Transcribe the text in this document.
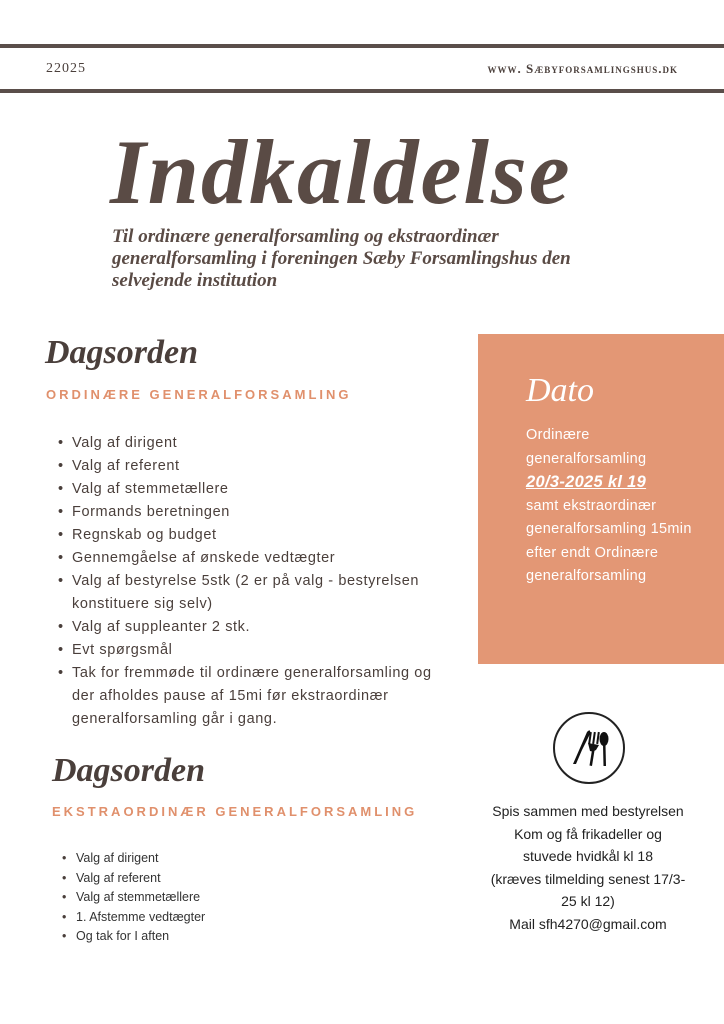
22025	www. Sæbyforsamlingshus.dk
Indkaldelse

Til ordinære generalforsamling og ekstraordinær generalforsamling i foreningen Sæby Forsamlingshus den selvejende institution

Dagsorden
ORDINÆRE GENERALFORSAMLING
• Valg af dirigent
• Valg af referent
• Valg af stemmetællere
• Formands beretningen
• Regnskab og budget
• Gennemgåelse af ønskede vedtægter
• Valg af bestyrelse 5stk (2 er på valg - bestyrelsen konstituere sig selv)
• Valg af suppleanter 2 stk.
• Evt spørgsmål
• Tak for fremmøde til ordinære generalforsamling og der afholdes pause af 15mi før ekstraordinær generalforsamling går i gang.
Dagsorden
EKSTRAORDINÆR GENERALFORSAMLING
• Valg af dirigent
• Valg af referent
• Valg af stemmetællere
• 1. Afstemme vedtægter
• Og tak for I aften
Dato
Ordinære generalforsamling
20/3-2025 kl 19
samt ekstraordinær generalforsamling 15min efter endt Ordinære generalforsamling
Spis sammen med bestyrelsen
Kom og få frikadeller og stuvede hvidkål kl 18
(kræves tilmelding senest 17/3-25 kl 12)
Mail sfh4270@gmail.com
